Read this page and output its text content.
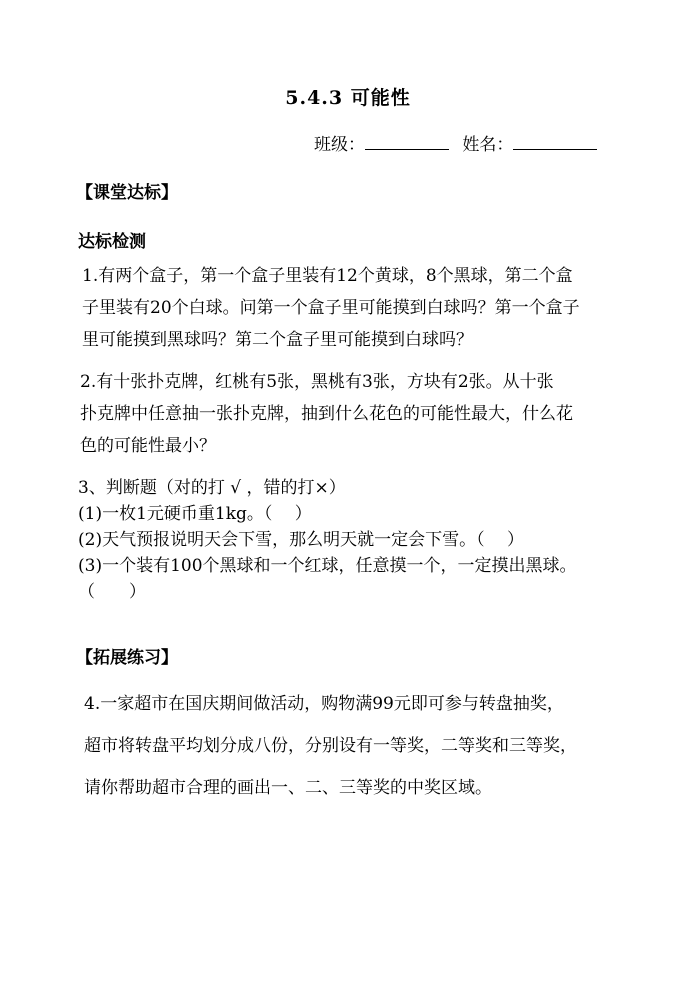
5.4.3 可能性
班级：	姓名：
【课堂达标】
达标检测
1.有两个盒子，第一个盒子里装有12个黄球，8个黑球，第二个盒
子里装有20个白球。问第一个盒子里可能摸到白球吗？第一个盒子
里可能摸到黑球吗？第二个盒子里可能摸到白球吗？
2.有十张扑克牌，红桃有5张，黑桃有3张，方块有2张。从十张
扑克牌中任意抽一张扑克牌，抽到什么花色的可能性最大，什么花
色的可能性最小？
3、判断题（对的打 √ ，错的打×）
(1)一枚1元硬币重1kg。（　 ）
(2)天气预报说明天会下雪，那么明天就一定会下雪。（　 ）
(3)一个装有100个黑球和一个红球，任意摸一个，一定摸出黑球。
（　　）
【拓展练习】
4.一家超市在国庆期间做活动，购物满99元即可参与转盘抽奖，
超市将转盘平均划分成八份，分别设有一等奖，二等奖和三等奖，
请你帮助超市合理的画出一、二、三等奖的中奖区域。
